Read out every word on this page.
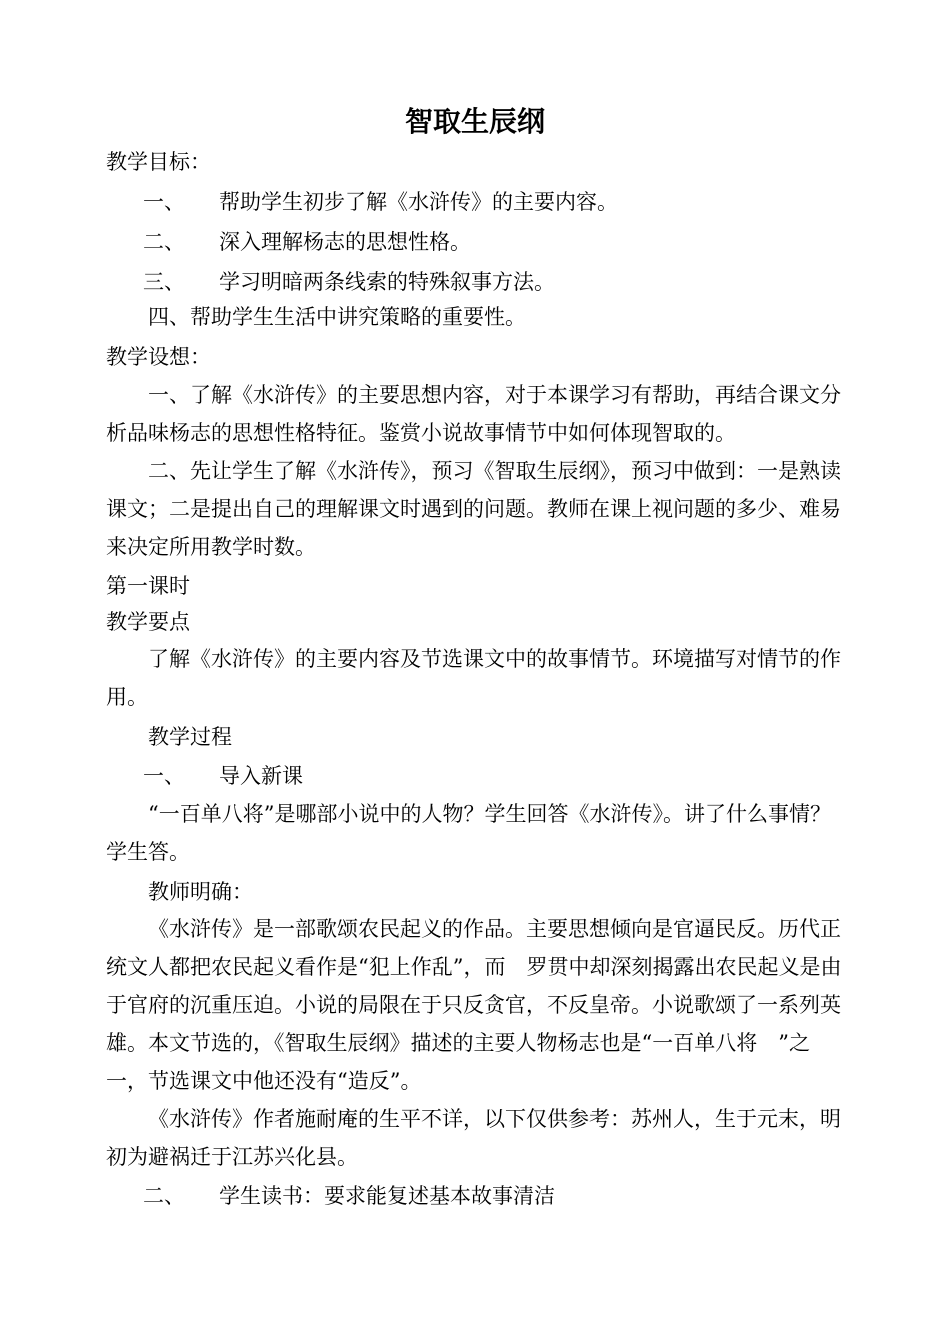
智取生辰纲
教学目标：
一、 帮助学生初步了解《水浒传》的主要内容。
二、 深入理解杨志的思想性格。
三、 学习明暗两条线索的特殊叙事方法。
四、帮助学生生活中讲究策略的重要性。
教学设想：
一、了解《水浒传》的主要思想内容，对于本课学习有帮助，再结合课文分析品味杨志的思想性格特征。鉴赏小说故事情节中如何体现智取的。
二、先让学生了解《水浒传》，预习《智取生辰纲》，预习中做到：一是熟读课文；二是提出自己的理解课文时遇到的问题。教师在课上视问题的多少、难易来决定所用教学时数。
第一课时
教学要点
了解《水浒传》的主要内容及节选课文中的故事情节。环境描写对情节的作用。
教学过程
一、 导入新课
“一百单八将”是哪部小说中的人物？学生回答《水浒传》。讲了什么事情？学生答。
教师明确：
《水浒传》是一部歌颂农民起义的作品。主要思想倾向是官逼民反。历代正统文人都把农民起义看作是“犯上作乱”，而　罗贯中却深刻揭露出农民起义是由于官府的沉重压迫。小说的局限在于只反贪官，不反皇帝。小说歌颂了一系列英雄。本文节选的，《智取生辰纲》描述的主要人物杨志也是“一百单八将　”之一，节选课文中他还没有“造反”。
《水浒传》作者施耐庵的生平不详，以下仅供参考：苏州人，生于元末，明初为避祸迁于江苏兴化县。
二、 学生读书：要求能复述基本故事清洁
